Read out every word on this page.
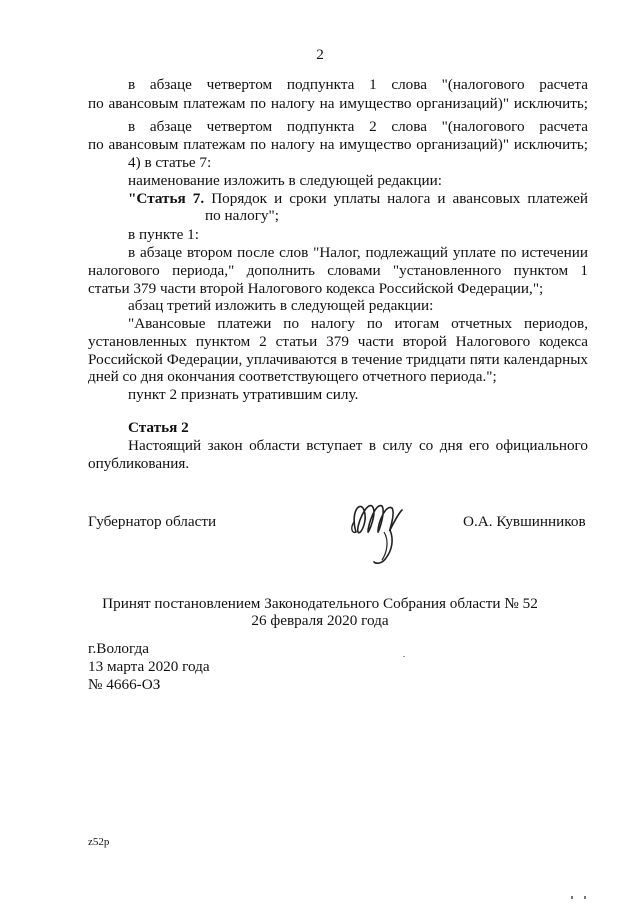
2
в абзаце четвертом подпункта 1 слова "(налогового расчета
по авансовым платежам по налогу на имущество организаций)" исключить;
в абзаце четвертом подпункта 2 слова "(налогового расчета
по авансовым платежам по налогу на имущество организаций)" исключить;
4) в статье 7:
наименование изложить в следующей редакции:
"Статья 7. Порядок и сроки уплаты налога и авансовых платежей
по налогу";
в пункте 1:
в абзаце втором после слов "Налог, подлежащий уплате по истечении
налогового периода," дополнить словами "установленного пунктом 1
статьи 379 части второй Налогового кодекса Российской Федерации,";
абзац третий изложить в следующей редакции:
"Авансовые платежи по налогу по итогам отчетных периодов,
установленных пунктом 2 статьи 379 части второй Налогового кодекса
Российской Федерации, уплачиваются в течение тридцати пяти календарных
дней со дня окончания соответствующего отчетного периода.";
пункт 2 признать утратившим силу.
Статья 2
Настоящий закон области вступает в силу со дня его официального
опубликования.
Губернатор области	О.А. Кувшинников
Принят постановлением Законодательного Собрания области № 52
26 февраля 2020 года
г.Вологда
13 марта 2020 года
№ 4666-ОЗ
z52p
